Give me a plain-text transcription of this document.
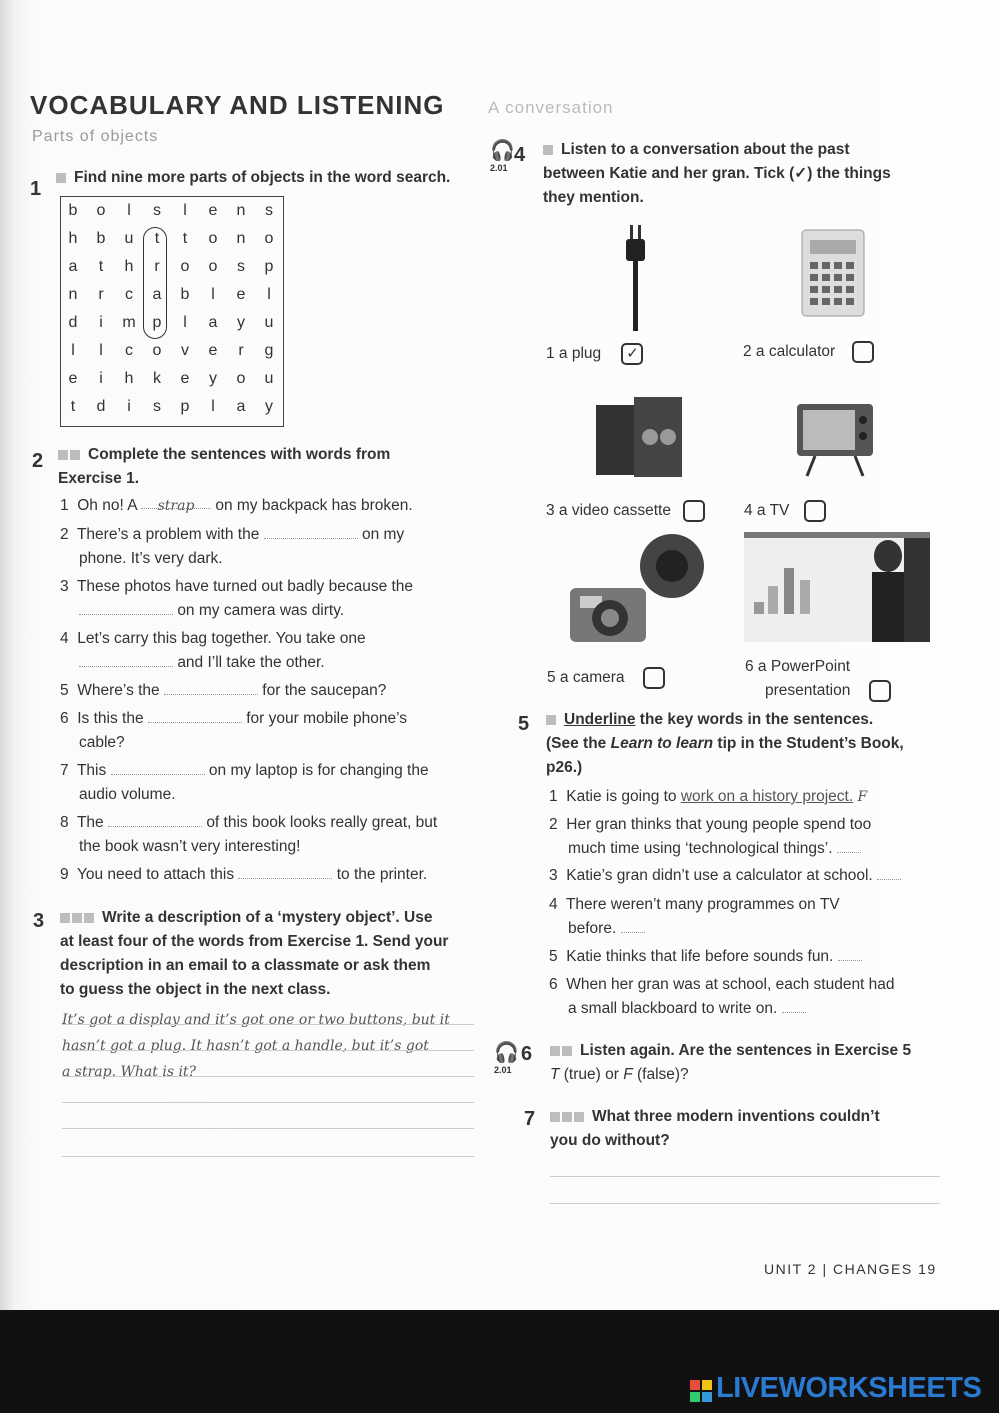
VOCABULARY AND LISTENING	A conversation
Parts of objects
1
Find nine more parts of objects in the word search.
b	o	l	s	l	e	n	s
h	b	u	t	t	o	n	o
a	t	h	r	o	o	s	p
n	r	c	a	b	l	e	l
d	i	m	p	l	a	y	u
l	l	c	o	v	e	r	g
e	i	h	k	e	y	o	u
t	d	i	s	p	l	a	y
2	Complete the sentences with words from
Exercise 1.
1 Oh no! A strap on my backpack has broken.
2 There’s a problem with the	on my
phone. It’s very dark.
3 These photos have turned out badly because the
on my camera was dirty.
4 Let’s carry this bag together. You take one
and I’ll take the other.
5 Where’s the	for the saucepan?
6 Is this the	for your mobile phone’s
cable?
7 This	on my laptop is for changing the
audio volume.
8 The	of this book looks really great, but
the book wasn’t very interesting!
9 You need to attach this	to the printer.
3	Write a description of a ‘mystery object’. Use
at least four of the words from Exercise 1. Send your
description in an email to a classmate or ask them
to guess the object in the next class.
It’s got a display and it’s got one or two buttons, but it
hasn’t got a plug. It hasn’t got a handle, but it’s got
a strap. What is it?
🎧
2.01
4	Listen to a conversation about the past
between Katie and her gran. Tick (✓) the things
they mention.
1 a plug ✓	2 a calculator
3 a video cassette	4 a TV
5 a camera
6 a PowerPoint
presentation
5	Underline the key words in the sentences.
(See the Learn to learn tip in the Student’s Book,
p26.)
1 Katie is going to work on a history project. F
2 Her gran thinks that young people spend too
much time using ‘technological things’.
3 Katie’s gran didn’t use a calculator at school.
4 There weren’t many programmes on TV
before.
5 Katie thinks that life before sounds fun.
6 When her gran was at school, each student had
a small blackboard to write on.
🎧
2.01
6	Listen again. Are the sentences in Exercise 5
T (true) or F (false)?
7	What three modern inventions couldn’t
you do without?
UNIT 2 | CHANGES 19
LIVEWORKSHEETS
